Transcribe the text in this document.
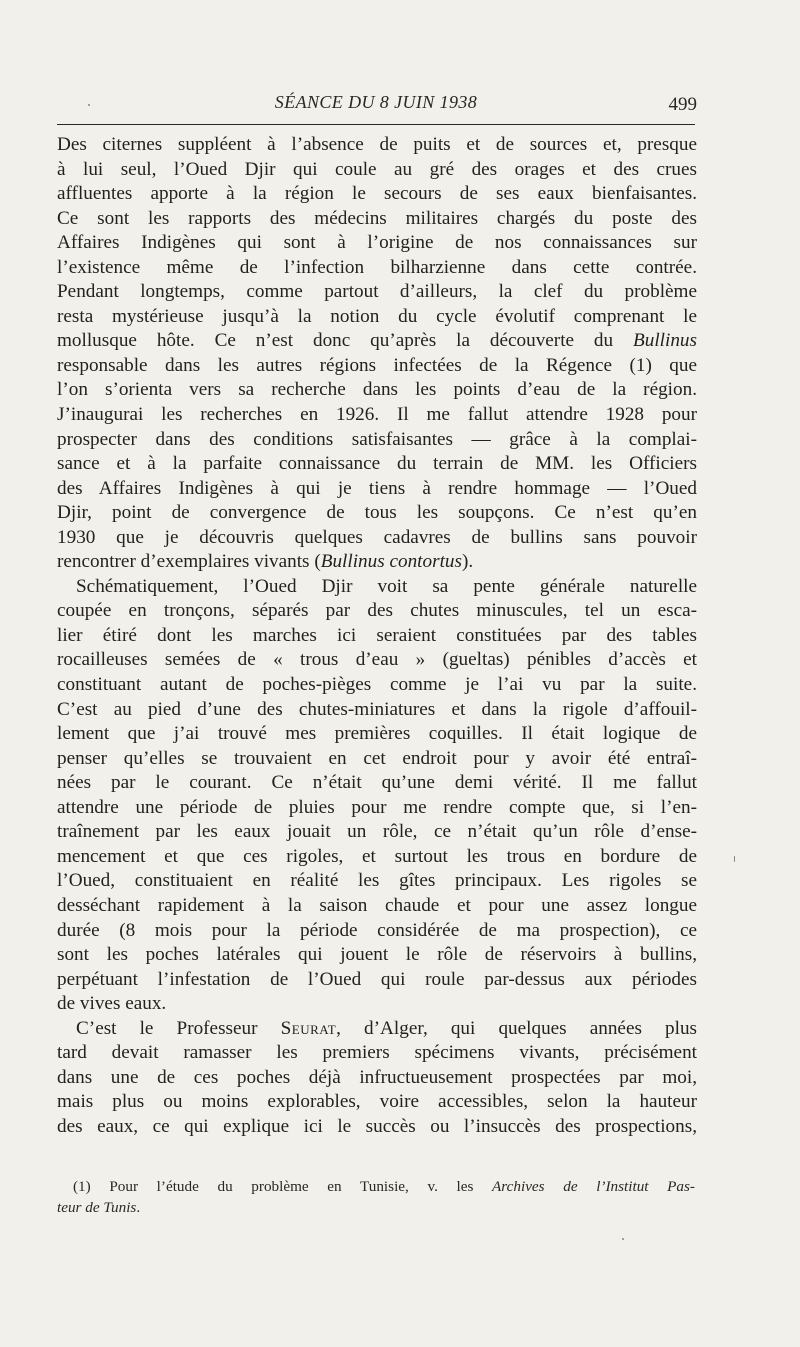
SÉANCE DU 8 JUIN 1938	499
Des citernes suppléent à l’absence de puits et de sources et, presque
à lui seul, l’Oued Djir qui coule au gré des orages et des crues
affluentes apporte à la région le secours de ses eaux bienfaisantes.
Ce sont les rapports des médecins militaires chargés du poste des
Affaires Indigènes qui sont à l’origine de nos connaissances sur
l’existence même de l’infection bilharzienne dans cette contrée.
Pendant longtemps, comme partout d’ailleurs, la clef du problème
resta mystérieuse jusqu’à la notion du cycle évolutif comprenant le
mollusque hôte. Ce n’est donc qu’après la découverte du Bullinus
responsable dans les autres régions infectées de la Régence (1) que
l’on s’orienta vers sa recherche dans les points d’eau de la région.
J’inaugurai les recherches en 1926. Il me fallut attendre 1928 pour
prospecter dans des conditions satisfaisantes — grâce à la complai-
sance et à la parfaite connaissance du terrain de MM. les Officiers
des Affaires Indigènes à qui je tiens à rendre hommage — l’Oued
Djir, point de convergence de tous les soupçons. Ce n’est qu’en
1930 que je découvris quelques cadavres de bullins sans pouvoir
rencontrer d’exemplaires vivants (Bullinus contortus).
Schématiquement, l’Oued Djir voit sa pente générale naturelle
coupée en tronçons, séparés par des chutes minuscules, tel un esca-
lier étiré dont les marches ici seraient constituées par des tables
rocailleuses semées de « trous d’eau » (gueltas) pénibles d’accès et
constituant autant de poches-pièges comme je l’ai vu par la suite.
C’est au pied d’une des chutes-miniatures et dans la rigole d’affouil-
lement que j’ai trouvé mes premières coquilles. Il était logique de
penser qu’elles se trouvaient en cet endroit pour y avoir été entraî-
nées par le courant. Ce n’était qu’une demi vérité. Il me fallut
attendre une période de pluies pour me rendre compte que, si l’en-
traînement par les eaux jouait un rôle, ce n’était qu’un rôle d’ense-
mencement et que ces rigoles, et surtout les trous en bordure de
l’Oued, constituaient en réalité les gîtes principaux. Les rigoles se
desséchant rapidement à la saison chaude et pour une assez longue
durée (8 mois pour la période considérée de ma prospection), ce
sont les poches latérales qui jouent le rôle de réservoirs à bullins,
perpétuant l’infestation de l’Oued qui roule par-dessus aux périodes
de vives eaux.
C’est le Professeur Seurat, d’Alger, qui quelques années plus
tard devait ramasser les premiers spécimens vivants, précisément
dans une de ces poches déjà infructueusement prospectées par moi,
mais plus ou moins explorables, voire accessibles, selon la hauteur
des eaux, ce qui explique ici le succès ou l’insuccès des prospections,
(1) Pour l’étude du problème en Tunisie, v. les Archives de l’Institut Pas-
teur de Tunis.
